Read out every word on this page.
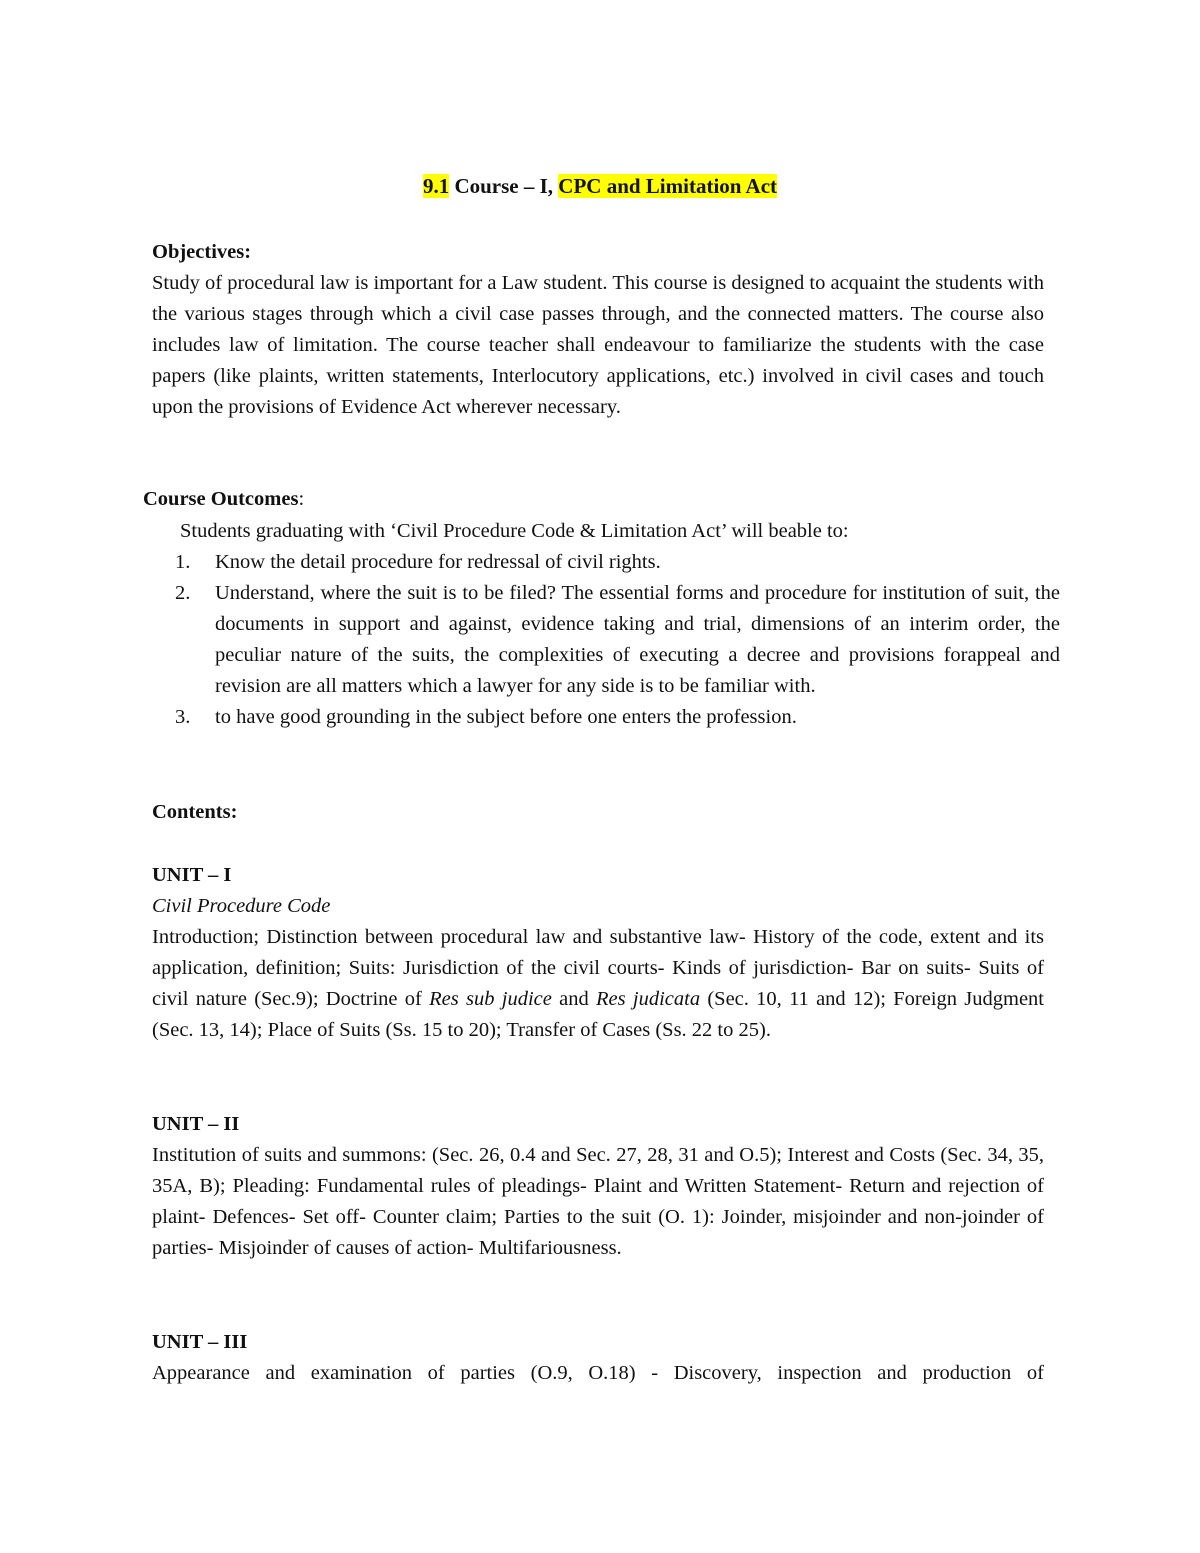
9.1 Course – I, CPC and Limitation Act
Objectives:

Study of procedural law is important for a Law student. This course is designed to acquaint the students with the various stages through which a civil case passes through, and the connected matters. The course also includes law of limitation. The course teacher shall endeavour to familiarize the students with the case papers (like plaints, written statements, Interlocutory applications, etc.) involved in civil cases and touch upon the provisions of Evidence Act wherever necessary.

Course Outcomes:

Students graduating with ‘Civil Procedure Code & Limitation Act’ will beable to:

1. Know the detail procedure for redressal of civil rights.
2. Understand, where the suit is to be filed? The essential forms and procedure for institution of suit, the documents in support and against, evidence taking and trial, dimensions of an interim order, the peculiar nature of the suits, the complexities of executing a decree and provisions forappeal and revision are all matters which a lawyer for any side is to be familiar with.
3. to have good grounding in the subject before one enters the profession.
Contents:
UNIT – I
Civil Procedure Code

Introduction; Distinction between procedural law and substantive law- History of the code, extent and its application, definition; Suits: Jurisdiction of the civil courts- Kinds of jurisdiction- Bar on suits- Suits of civil nature (Sec.9); Doctrine of Res sub judice and Res judicata (Sec. 10, 11 and 12); Foreign Judgment (Sec. 13, 14); Place of Suits (Ss. 15 to 20); Transfer of Cases (Ss. 22 to 25).

UNIT – II

Institution of suits and summons: (Sec. 26, 0.4 and Sec. 27, 28, 31 and O.5); Interest and Costs (Sec. 34, 35, 35A, B); Pleading: Fundamental rules of pleadings- Plaint and Written Statement- Return and rejection of plaint- Defences- Set off- Counter claim; Parties to the suit (O. 1): Joinder, misjoinder and non-joinder of parties- Misjoinder of causes of action- Multifariousness.

UNIT – III

Appearance and examination of parties (O.9, O.18) - Discovery, inspection and production of
